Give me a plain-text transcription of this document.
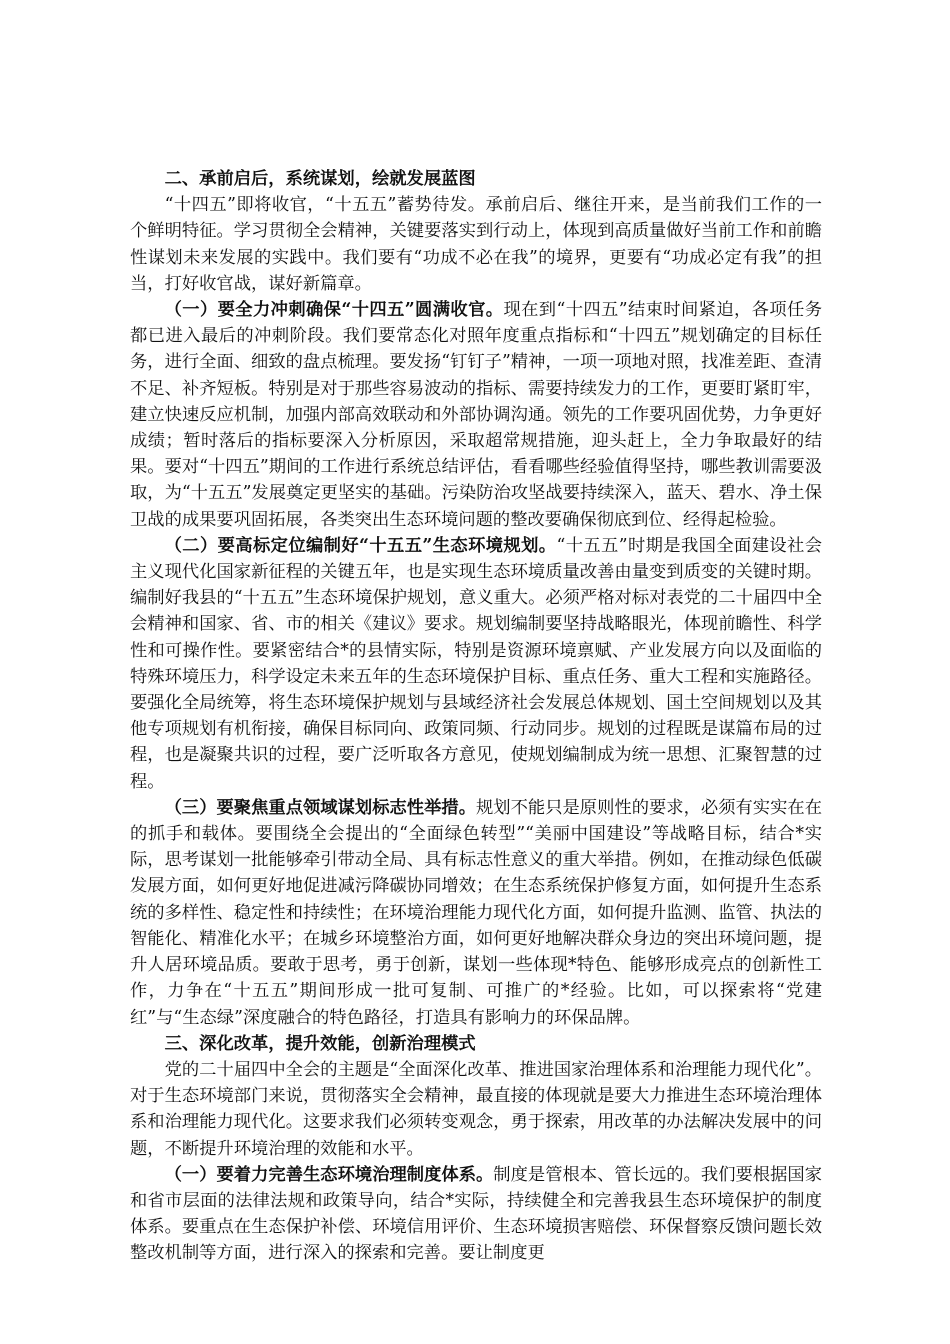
二、承前启后，系统谋划，绘就发展蓝图

“十四五”即将收官，“十五五”蓄势待发。承前启后、继往开来，是当前我们工作的一个鲜明特征。学习贯彻全会精神，关键要落实到行动上，体现到高质量做好当前工作和前瞻性谋划未来发展的实践中。我们要有“功成不必在我”的境界，更要有“功成必定有我”的担当，打好收官战，谋好新篇章。

（一）要全力冲刺确保“十四五”圆满收官。现在到“十四五”结束时间紧迫，各项任务都已进入最后的冲刺阶段。我们要常态化对照年度重点指标和“十四五”规划确定的目标任务，进行全面、细致的盘点梳理。要发扬“钉钉子”精神，一项一项地对照，找准差距、查清不足、补齐短板。特别是对于那些容易波动的指标、需要持续发力的工作，更要盯紧盯牢，建立快速反应机制，加强内部高效联动和外部协调沟通。领先的工作要巩固优势，力争更好成绩；暂时落后的指标要深入分析原因，采取超常规措施，迎头赶上，全力争取最好的结果。要对“十四五”期间的工作进行系统总结评估，看看哪些经验值得坚持，哪些教训需要汲取，为“十五五”发展奠定更坚实的基础。污染防治攻坚战要持续深入，蓝天、碧水、净土保卫战的成果要巩固拓展，各类突出生态环境问题的整改要确保彻底到位、经得起检验。

（二）要高标定位编制好“十五五”生态环境规划。“十五五”时期是我国全面建设社会主义现代化国家新征程的关键五年，也是实现生态环境质量改善由量变到质变的关键时期。编制好我县的“十五五”生态环境保护规划，意义重大。必须严格对标对表党的二十届四中全会精神和国家、省、市的相关《建议》要求。规划编制要坚持战略眼光，体现前瞻性、科学性和可操作性。要紧密结合*的县情实际，特别是资源环境禀赋、产业发展方向以及面临的特殊环境压力，科学设定未来五年的生态环境保护目标、重点任务、重大工程和实施路径。要强化全局统筹，将生态环境保护规划与县域经济社会发展总体规划、国土空间规划以及其他专项规划有机衔接，确保目标同向、政策同频、行动同步。规划的过程既是谋篇布局的过程，也是凝聚共识的过程，要广泛听取各方意见，使规划编制成为统一思想、汇聚智慧的过程。

（三）要聚焦重点领域谋划标志性举措。规划不能只是原则性的要求，必须有实实在在的抓手和载体。要围绕全会提出的“全面绿色转型”“美丽中国建设”等战略目标，结合*实际，思考谋划一批能够牵引带动全局、具有标志性意义的重大举措。例如，在推动绿色低碳发展方面，如何更好地促进减污降碳协同增效；在生态系统保护修复方面，如何提升生态系统的多样性、稳定性和持续性；在环境治理能力现代化方面，如何提升监测、监管、执法的智能化、精准化水平；在城乡环境整治方面，如何更好地解决群众身边的突出环境问题，提升人居环境品质。要敢于思考，勇于创新，谋划一些体现*特色、能够形成亮点的创新性工作，力争在“十五五”期间形成一批可复制、可推广的*经验。比如，可以探索将“党建红”与“生态绿”深度融合的特色路径，打造具有影响力的环保品牌。

三、深化改革，提升效能，创新治理模式

党的二十届四中全会的主题是“全面深化改革、推进国家治理体系和治理能力现代化”。对于生态环境部门来说，贯彻落实全会精神，最直接的体现就是要大力推进生态环境治理体系和治理能力现代化。这要求我们必须转变观念，勇于探索，用改革的办法解决发展中的问题，不断提升环境治理的效能和水平。

（一）要着力完善生态环境治理制度体系。制度是管根本、管长远的。我们要根据国家和省市层面的法律法规和政策导向，结合*实际，持续健全和完善我县生态环境保护的制度体系。要重点在生态保护补偿、环境信用评价、生态环境损害赔偿、环保督察反馈问题长效整改机制等方面，进行深入的探索和完善。要让制度更
